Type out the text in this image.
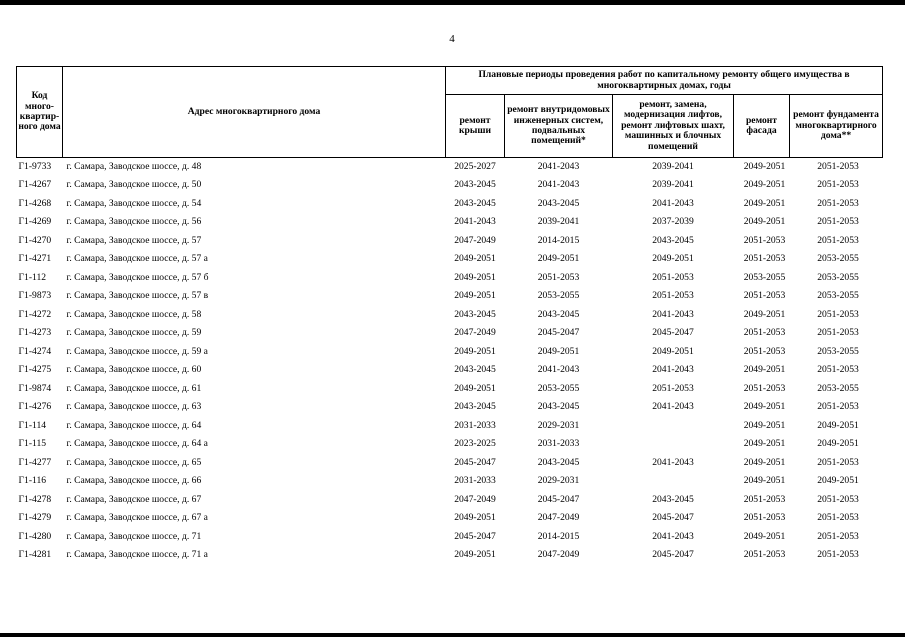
4
Код много-квартир-ного дома	Адрес многоквартирного дома	Плановые периоды проведения работ по капитальному ремонту общего имущества в многоквартирных домах, годы				
		ремонт крыши	ремонт внутридомовых инженерных систем, подвальных помещений*	ремонт, замена, модернизация лифтов, ремонт лифтовых шахт, машинных и блочных помещений	ремонт фасада	ремонт фундамента многоквартирного дома**
Г1-9733	г. Самара, Заводское шоссе, д. 48	2025-2027	2041-2043	2039-2041	2049-2051	2051-2053
Г1-4267	г. Самара, Заводское шоссе, д. 50	2043-2045	2041-2043	2039-2041	2049-2051	2051-2053
Г1-4268	г. Самара, Заводское шоссе, д. 54	2043-2045	2043-2045	2041-2043	2049-2051	2051-2053
Г1-4269	г. Самара, Заводское шоссе, д. 56	2041-2043	2039-2041	2037-2039	2049-2051	2051-2053
Г1-4270	г. Самара, Заводское шоссе, д. 57	2047-2049	2014-2015	2043-2045	2051-2053	2051-2053
Г1-4271	г. Самара, Заводское шоссе, д. 57 а	2049-2051	2049-2051	2049-2051	2051-2053	2053-2055
Г1-112	г. Самара, Заводское шоссе, д. 57 б	2049-2051	2051-2053	2051-2053	2053-2055	2053-2055
Г1-9873	г. Самара, Заводское шоссе, д. 57 в	2049-2051	2053-2055	2051-2053	2051-2053	2053-2055
Г1-4272	г. Самара, Заводское шоссе, д. 58	2043-2045	2043-2045	2041-2043	2049-2051	2051-2053
Г1-4273	г. Самара, Заводское шоссе, д. 59	2047-2049	2045-2047	2045-2047	2051-2053	2051-2053
Г1-4274	г. Самара, Заводское шоссе, д. 59 а	2049-2051	2049-2051	2049-2051	2051-2053	2053-2055
Г1-4275	г. Самара, Заводское шоссе, д. 60	2043-2045	2041-2043	2041-2043	2049-2051	2051-2053
Г1-9874	г. Самара, Заводское шоссе, д. 61	2049-2051	2053-2055	2051-2053	2051-2053	2053-2055
Г1-4276	г. Самара, Заводское шоссе, д. 63	2043-2045	2043-2045	2041-2043	2049-2051	2051-2053
Г1-114	г. Самара, Заводское шоссе, д. 64	2031-2033	2029-2031		2049-2051	2049-2051
Г1-115	г. Самара, Заводское шоссе, д. 64 а	2023-2025	2031-2033		2049-2051	2049-2051
Г1-4277	г. Самара, Заводское шоссе, д. 65	2045-2047	2043-2045	2041-2043	2049-2051	2051-2053
Г1-116	г. Самара, Заводское шоссе, д. 66	2031-2033	2029-2031		2049-2051	2049-2051
Г1-4278	г. Самара, Заводское шоссе, д. 67	2047-2049	2045-2047	2043-2045	2051-2053	2051-2053
Г1-4279	г. Самара, Заводское шоссе, д. 67 а	2049-2051	2047-2049	2045-2047	2051-2053	2051-2053
Г1-4280	г. Самара, Заводское шоссе, д. 71	2045-2047	2014-2015	2041-2043	2049-2051	2051-2053
Г1-4281	г. Самара, Заводское шоссе, д. 71 а	2049-2051	2047-2049	2045-2047	2051-2053	2051-2053
